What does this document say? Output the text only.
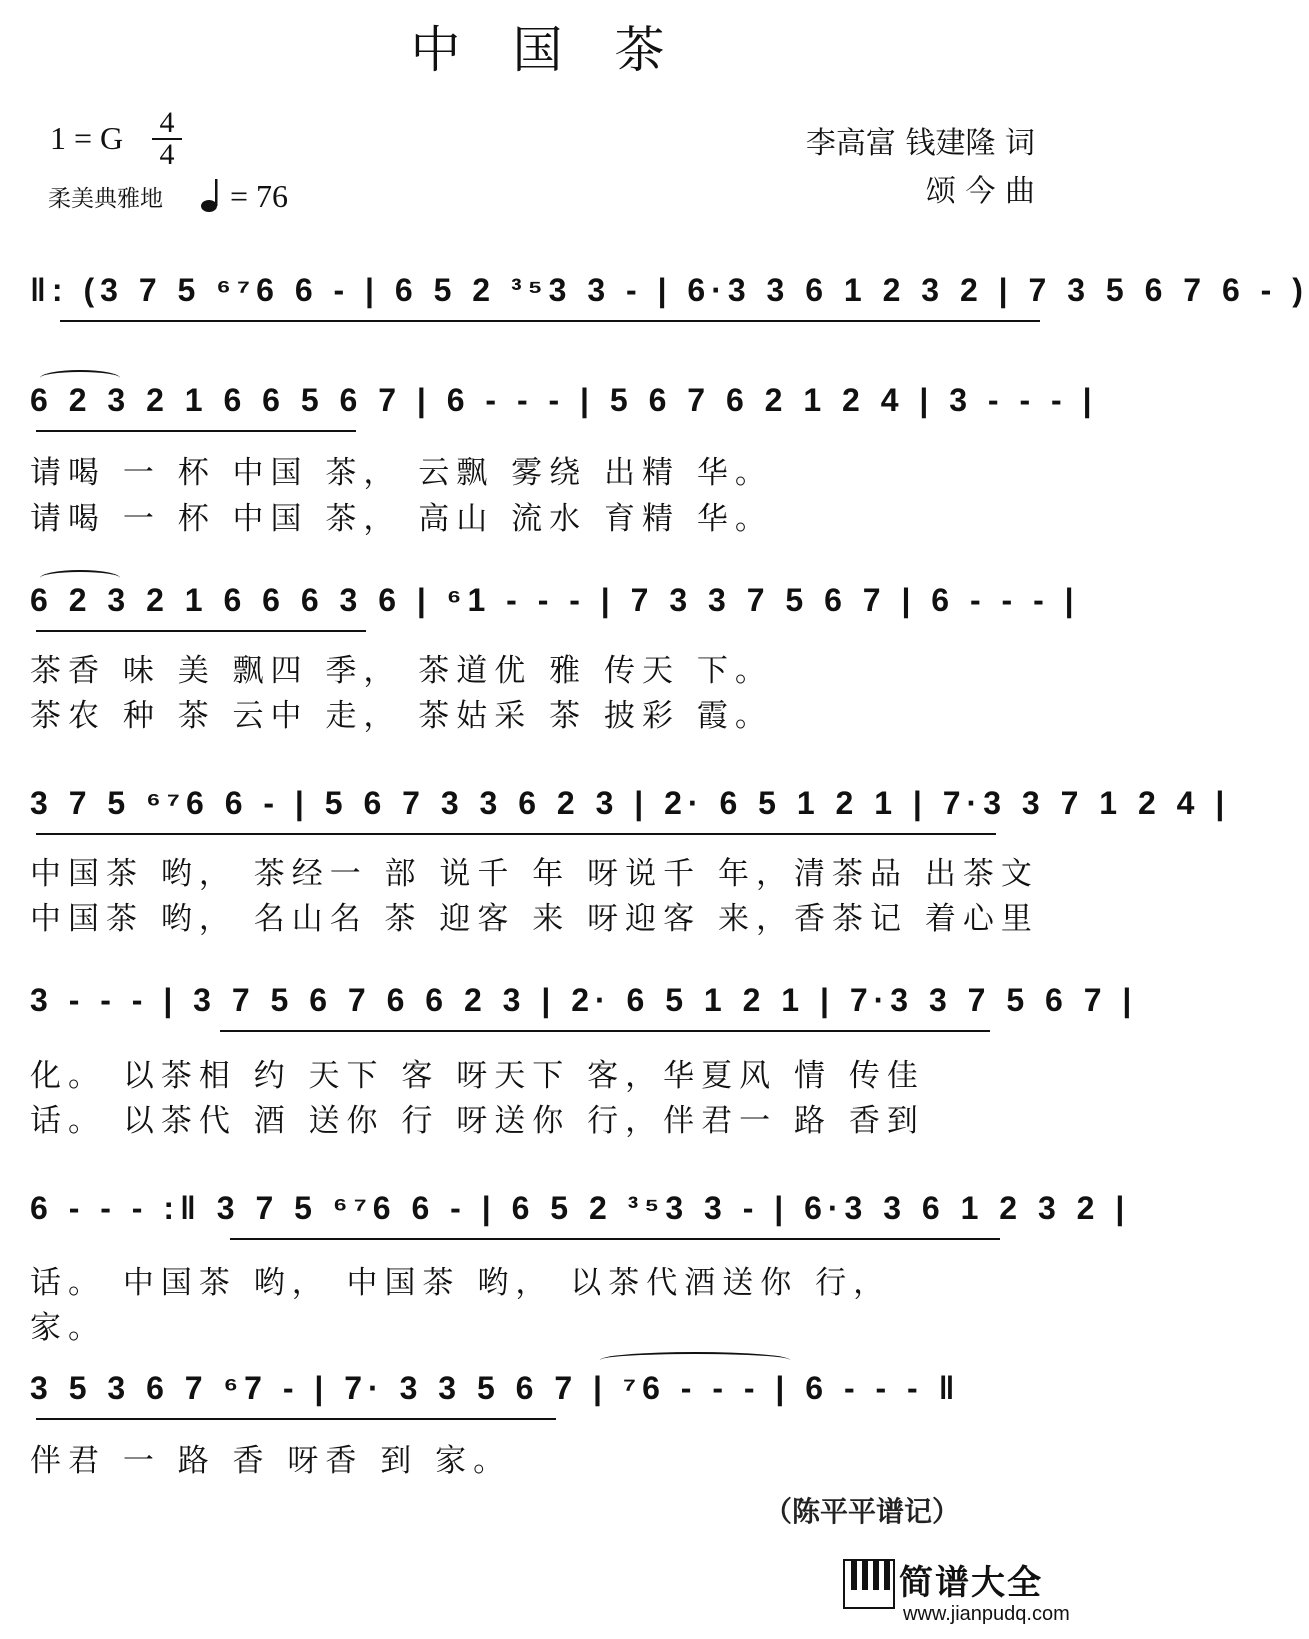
中国茶
1 = G 4
4
柔美典雅地	= 76
李高富 钱建隆 词
颂 今 曲
‖: (3 7 5 ⁶⁷6 6 - | 6 5 2 ³⁵3 3 - | 6·3 3 6 1 2 3 2 | 7 3 5 6 7 6 - )
6 2 3 2 1 6 6 5 6 7 | 6 - - - | 5 6 7 6 2 1 2 4 | 3 - - - |
请喝 一 杯 中国 茶， 云飘 雾绕 出精 华。
请喝 一 杯 中国 茶， 高山 流水 育精 华。
6 2 3 2 1 6 6 6 3 6 | ⁶1 - - - | 7 3 3 7 5 6 7 | 6 - - - |
茶香 味 美 飘四 季， 茶道优 雅 传天 下。
茶农 种 茶 云中 走， 茶姑采 茶 披彩 霞。
3 7 5 ⁶⁷6 6 - | 5 6 7 3 3 6 2 3 | 2· 6 5 1 2 1 | 7·3 3 7 1 2 4 |
中国茶 哟， 茶经一 部 说千 年 呀说千 年，清茶品 出茶文
中国茶 哟， 名山名 茶 迎客 来 呀迎客 来，香茶记 着心里
3 - - - | 3 7 5 6 7 6 6 2 3 | 2· 6 5 1 2 1 | 7·3 3 7 5 6 7 |
化。 以茶相 约 天下 客 呀天下 客，华夏风 情 传佳
话。 以茶代 酒 送你 行 呀送你 行，伴君一 路 香到
6 - - - :‖ 3 7 5 ⁶⁷6 6 - | 6 5 2 ³⁵3 3 - | 6·3 3 6 1 2 3 2 |
话。 中国茶 哟， 中国茶 哟， 以茶代酒送你 行，
家。
3 5 3 6 7 ⁶7 - | 7· 3 3 5 6 7 | ⁷6 - - - | 6 - - - ‖
伴君 一 路 香 呀香 到 家。
（陈平平谱记）
简谱大全
www.jianpudq.com
